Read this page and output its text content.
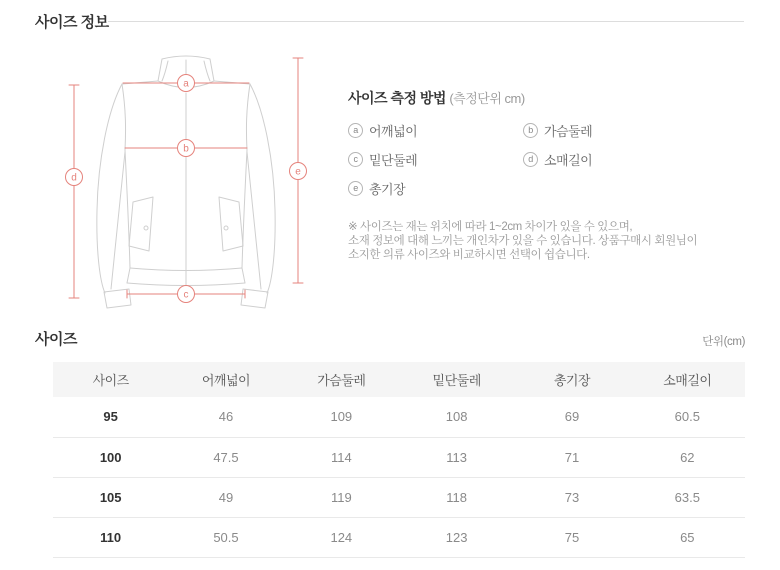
사이즈 정보
a
b
c
d
e
사이즈 측정 방법 (측정단위 cm)
a 어깨넓이	b 가슴둘레
c 밑단둘레	d 소매길이
e 총기장
※ 사이즈는 재는 위치에 따라 1~2cm 차이가 있을 수 있으며,
소재 정보에 대해 느끼는 개인차가 있을 수 있습니다. 상품구매시 회원님이
소지한 의류 사이즈와 비교하시면 선택이 쉽습니다.
사이즈	단위(cm)
사이즈	어깨넓이	가슴둘레	밑단둘레	총기장	소매길이
95	46	109	108	69	60.5
100	47.5	114	113	71	62
105	49	119	118	73	63.5
110	50.5	124	123	75	65
